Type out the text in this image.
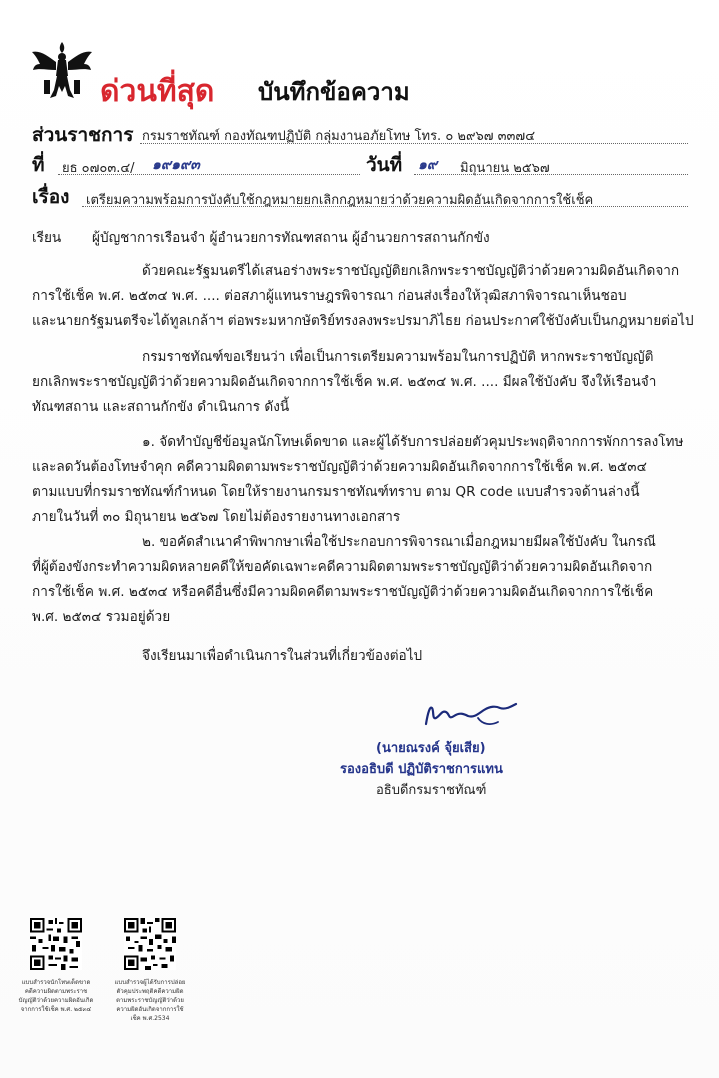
ด่วนที่สุด บันทึกข้อความ
ส่วนราชการ กรมราชทัณฑ์ กองทัณฑปฏิบัติ กลุ่มงานอภัยโทษ โทร. ๐ ๒๙๖๗ ๓๓๗๔
ที่ ยธ ๐๗๐๓.๔/ ๑๙๑๙๓	วันที่ ๑๙ มิถุนายน ๒๕๖๗
เรื่อง เตรียมความพร้อมการบังคับใช้กฎหมายยกเลิกกฎหมายว่าด้วยความผิดอันเกิดจากการใช้เช็ค
เรียน ผู้บัญชาการเรือนจำ ผู้อำนวยการทัณฑสถาน ผู้อำนวยการสถานกักขัง
ด้วยคณะรัฐมนตรีได้เสนอร่างพระราชบัญญัติยกเลิกพระราชบัญญัติว่าด้วยความผิดอันเกิดจาก
การใช้เช็ค พ.ศ. ๒๕๓๔ พ.ศ. .... ต่อสภาผู้แทนราษฎรพิจารณา ก่อนส่งเรื่องให้วุฒิสภาพิจารณาเห็นชอบ
และนายกรัฐมนตรีจะได้ทูลเกล้าฯ ต่อพระมหากษัตริย์ทรงลงพระปรมาภิไธย ก่อนประกาศใช้บังคับเป็นกฎหมายต่อไป
กรมราชทัณฑ์ขอเรียนว่า เพื่อเป็นการเตรียมความพร้อมในการปฏิบัติ หากพระราชบัญญัติ
ยกเลิกพระราชบัญญัติว่าด้วยความผิดอันเกิดจากการใช้เช็ค พ.ศ. ๒๕๓๔ พ.ศ. .... มีผลใช้บังคับ จึงให้เรือนจำ
ทัณฑสถาน และสถานกักขัง ดำเนินการ ดังนี้
๑. จัดทำบัญชีข้อมูลนักโทษเด็ดขาด และผู้ได้รับการปล่อยตัวคุมประพฤติจากการพักการลงโทษ
และลดวันต้องโทษจำคุก คดีความผิดตามพระราชบัญญัติว่าด้วยความผิดอันเกิดจากการใช้เช็ค พ.ศ. ๒๕๓๔
ตามแบบที่กรมราชทัณฑ์กำหนด โดยให้รายงานกรมราชทัณฑ์ทราบ ตาม QR code แบบสำรวจด้านล่างนี้
ภายในวันที่ ๓๐ มิถุนายน ๒๕๖๗ โดยไม่ต้องรายงานทางเอกสาร
๒. ขอคัดสำเนาคำพิพากษาเพื่อใช้ประกอบการพิจารณาเมื่อกฎหมายมีผลใช้บังคับ ในกรณี
ที่ผู้ต้องขังกระทำความผิดหลายคดีให้ขอคัดเฉพาะคดีความผิดตามพระราชบัญญัติว่าด้วยความผิดอันเกิดจาก
การใช้เช็ค พ.ศ. ๒๕๓๔ หรือคดีอื่นซึ่งมีความผิดคดีตามพระราชบัญญัติว่าด้วยความผิดอันเกิดจากการใช้เช็ค
พ.ศ. ๒๕๓๔ รวมอยู่ด้วย
จึงเรียนมาเพื่อดำเนินการในส่วนที่เกี่ยวข้องต่อไป
(นายณรงค์ จุ้ยเสีย)
รองอธิบดี ปฏิบัติราชการแทน
อธิบดีกรมราชทัณฑ์
แบบสำรวจนักโทษเด็ดขาดคดีความผิดตามพระราชบัญญัติว่าด้วยความผิดอันเกิดจากการใช้เช็ค พ.ศ. ๒๕๓๔
แบบสำรวจผู้ได้รับการปล่อยตัวคุมประพฤติคดีความผิดตามพระราชบัญญัติว่าด้วยความผิดอันเกิดจากการใช้เช็ค พ.ศ.2534
